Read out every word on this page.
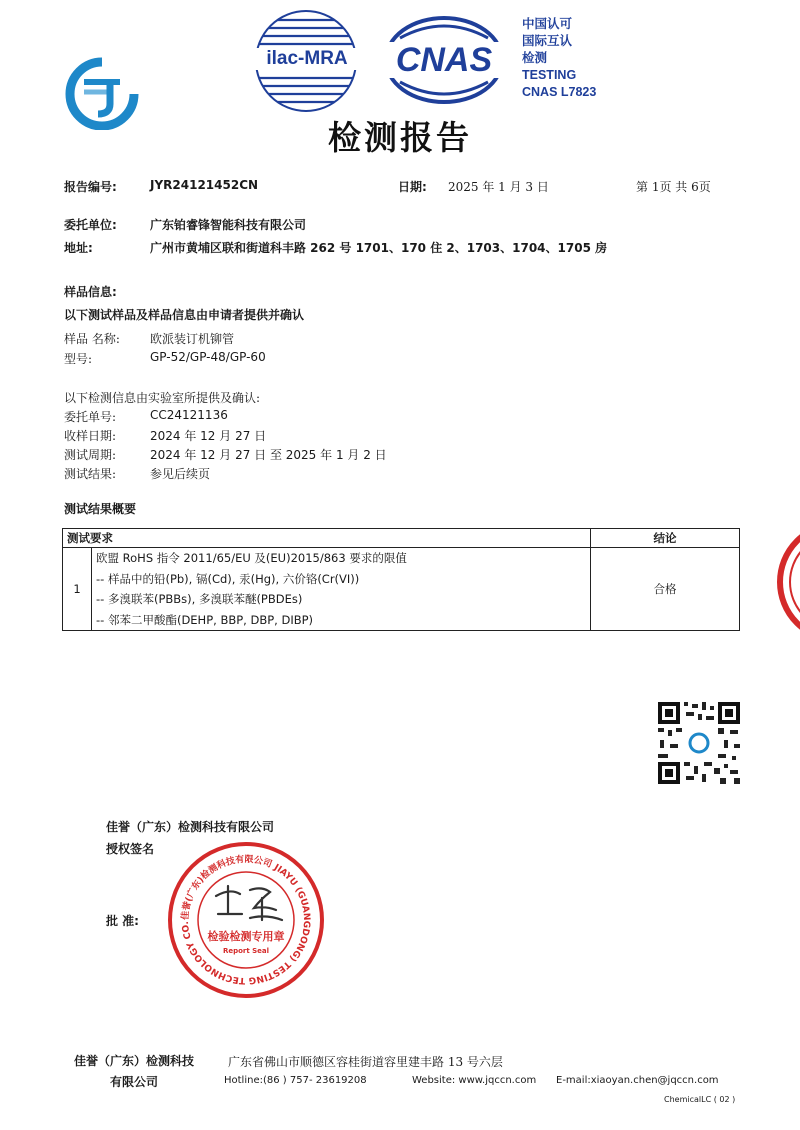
ilac-MRA	CNAS
中国认可
国际互认
检测
TESTING
CNAS L7823
检测报告
报告编号:	JYR24121452CN	日期: 2025 年 1 月 3 日	第 1页 共 6页
委托单位:	广东铂睿锋智能科技有限公司
地址:	广州市黄埔区联和街道科丰路 262 号 1701、170 住 2、1703、1704、1705 房
样品信息:
以下测试样品及样品信息由申请者提供并确认
样品 名称:	欧派装订机铆管
型号:	GP-52/GP-48/GP-60
以下检测信息由实验室所提供及确认:
委托单号:	CC24121136
收样日期:	2024 年 12 月 27 日
测试周期:	2024 年 12 月 27 日 至 2025 年 1 月 2 日
测试结果:	参见后续页
测试结果概要
测试要求		结论
1	欧盟 RoHS 指令 2011/65/EU 及(EU)2015/863 要求的限值
-- 样品中的铅(Pb), 镉(Cd), 汞(Hg), 六价铬(Cr(VI))
-- 多溴联苯(PBBs), 多溴联苯醚(PBDEs)
-- 邻苯二甲酸酯(DEHP, BBP, DBP, DIBP)	合格
佳誉（广东）检测科技有限公司
授权签名
批 准:	佳誉(广东)检测科技有限公司 JIAYU (GUANGDONG) TESTING TECHNOLOGY CO.
检验检测专用章
Report Seal
佳誉（广东）检测科技
有限公司
广东省佛山市顺德区容桂街道容里建丰路 13 号六层
Hotline:(86 ) 757- 23619208	Website: www.jqccn.com E-mail:xiaoyan.chen@jqccn.com
ChemicalLC ( 02 )
